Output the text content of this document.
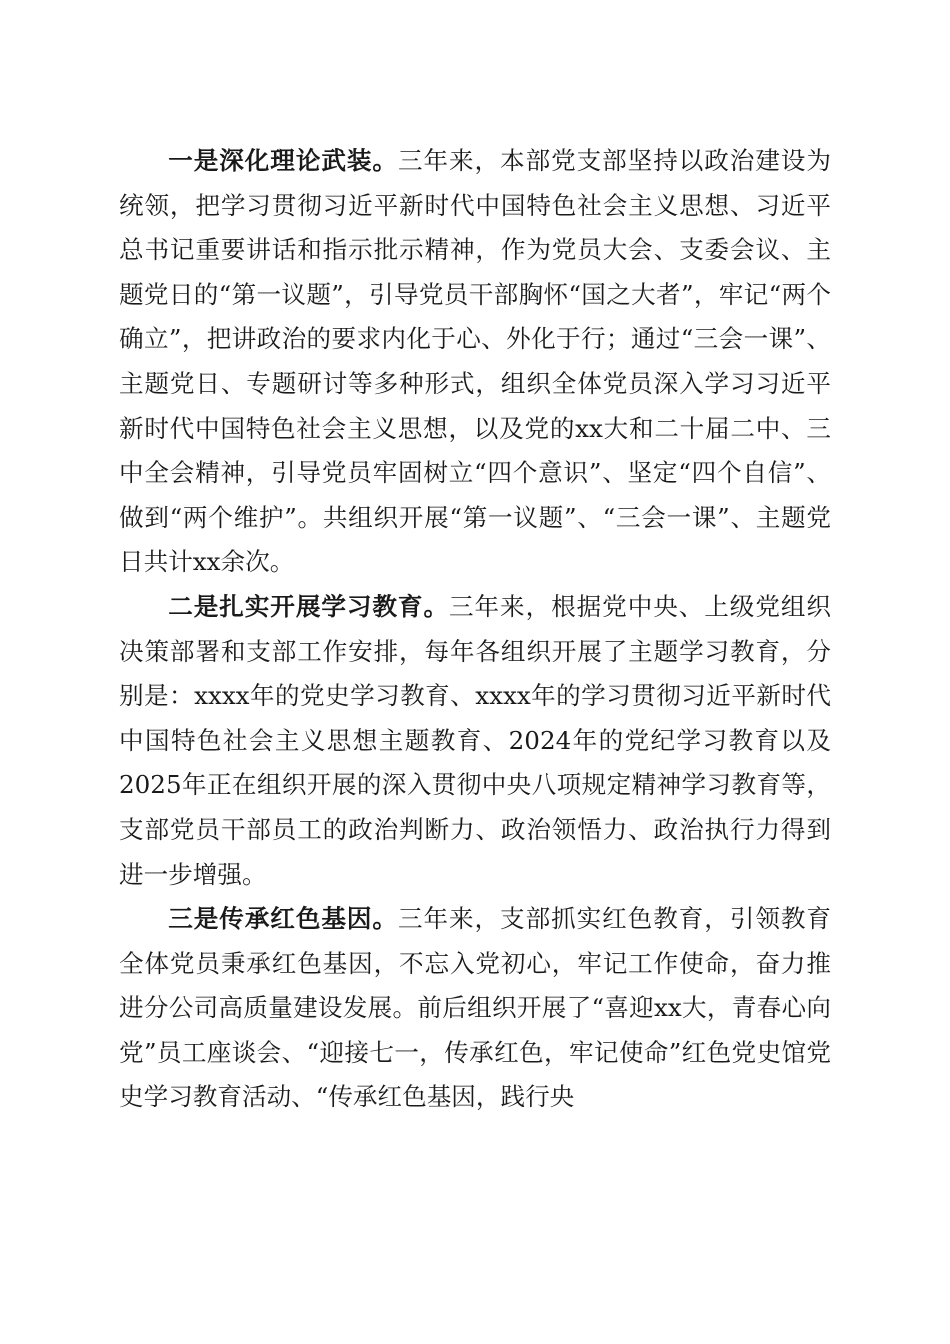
一是深化理论武装。三年来，本部党支部坚持以政治建设为统领，把学习贯彻习近平新时代中国特色社会主义思想、习近平总书记重要讲话和指示批示精神，作为党员大会、支委会议、主题党日的“第一议题”，引导党员干部胸怀“国之大者”，牢记“两个确立”，把讲政治的要求内化于心、外化于行；通过“三会一课”、主题党日、专题研讨等多种形式，组织全体党员深入学习习近平新时代中国特色社会主义思想，以及党的xx大和二十届二中、三中全会精神，引导党员牢固树立“四个意识”、坚定“四个自信”、做到“两个维护”。共组织开展“第一议题”、“三会一课”、主题党日共计xx余次。

二是扎实开展学习教育。三年来，根据党中央、上级党组织决策部署和支部工作安排，每年各组织开展了主题学习教育，分别是：xxxx年的党史学习教育、xxxx年的学习贯彻习近平新时代中国特色社会主义思想主题教育、2024年的党纪学习教育以及2025年正在组织开展的深入贯彻中央八项规定精神学习教育等，支部党员干部员工的政治判断力、政治领悟力、政治执行力得到进一步增强。

三是传承红色基因。三年来，支部抓实红色教育，引领教育全体党员秉承红色基因，不忘入党初心，牢记工作使命，奋力推进分公司高质量建设发展。前后组织开展了“喜迎xx大，青春心向党”员工座谈会、“迎接七一，传承红色，牢记使命”红色党史馆党史学习教育活动、“传承红色基因，践行央
